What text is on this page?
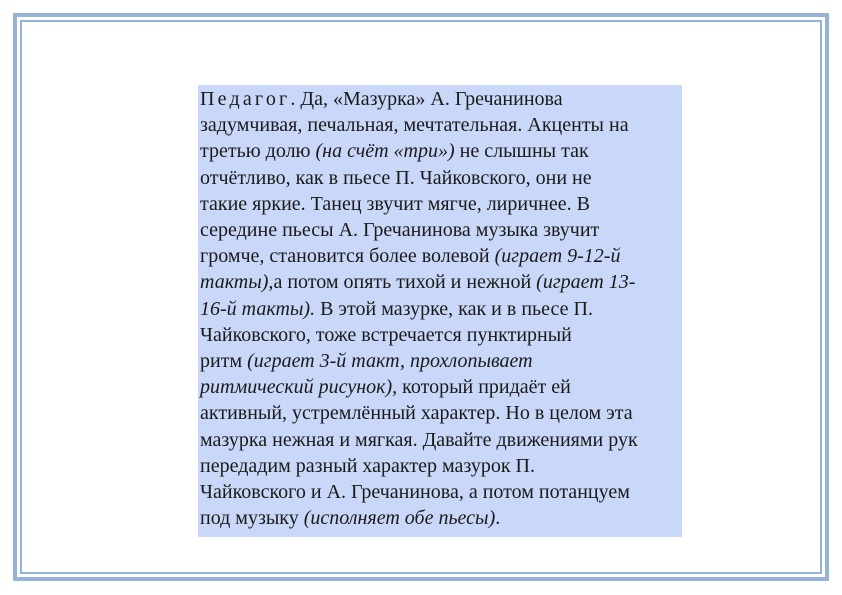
Педагог. Да, «Мазурка» А. Гречанинова
задумчивая, печальная, мечтательная. Акценты на
третью долю (на счёт «три») не слышны так
отчётливо, как в пьесе П. Чайковского, они не
такие яркие. Танец звучит мягче, лиричнее. В
середине пьесы А. Гречанинова музыка звучит
громче, становится более волевой (играет 9-12-й
такты),а потом опять тихой и нежной (играет 13-
16-й такты). В этой мазурке, как и в пьесе П.
Чайковского, тоже встречается пунктирный
ритм (играет 3-й такт, прохлопывает
ритмический рисунок), который придаёт ей
активный, устремлённый характер. Но в целом эта
мазурка нежная и мягкая. Давайте движениями рук
передадим разный характер мазурок П.
Чайковского и А. Гречанинова, а потом потанцуем
под музыку (исполняет обе пьесы).
